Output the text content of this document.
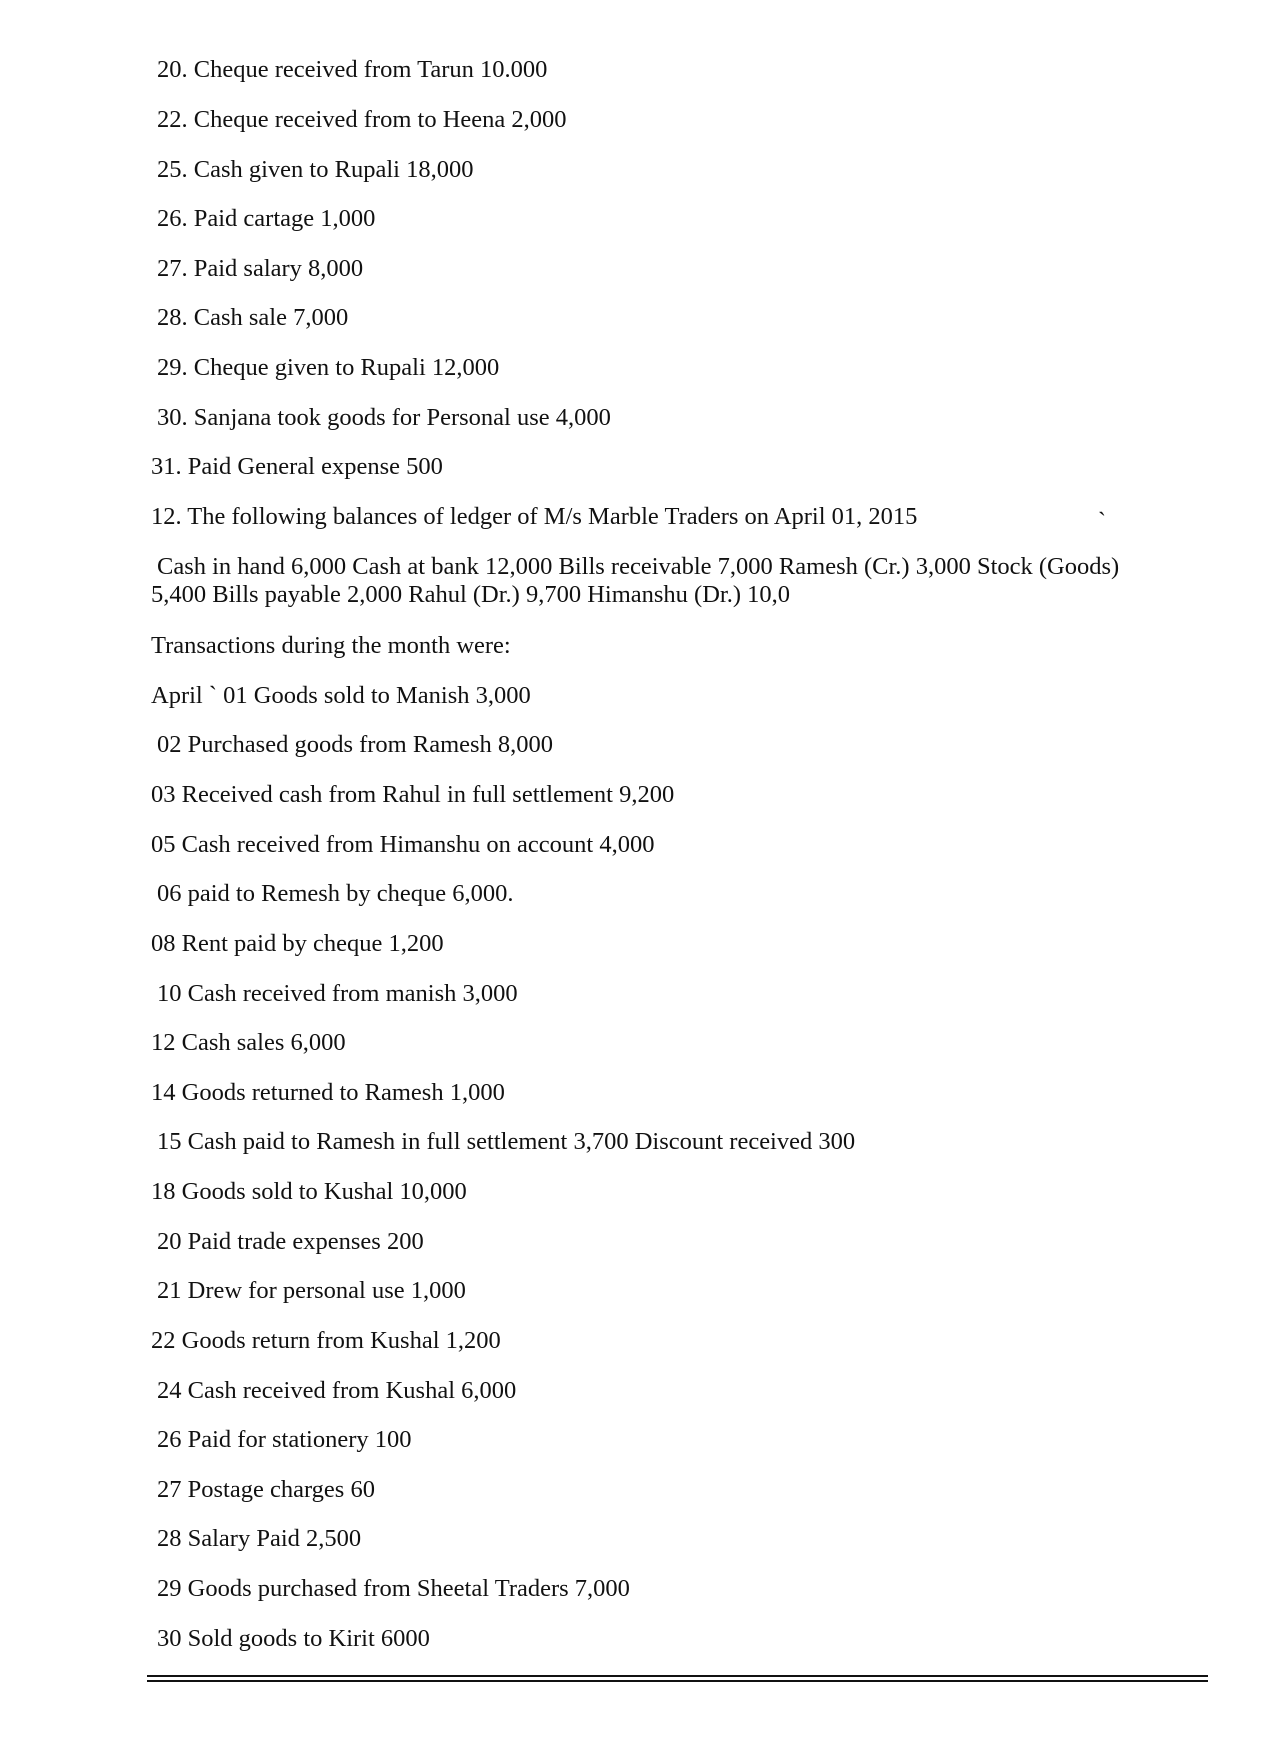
20. Cheque received from Tarun 10.000
22. Cheque received from to Heena 2,000
25. Cash given to Rupali 18,000
26. Paid cartage 1,000
27. Paid salary 8,000
28. Cash sale 7,000
29. Cheque given to Rupali 12,000
30. Sanjana took goods for Personal use 4,000
31. Paid General expense 500
12. The following balances of ledger of M/s Marble Traders on April 01, 2015	`
Cash in hand 6,000 Cash at bank 12,000 Bills receivable 7,000 Ramesh (Cr.) 3,000 Stock (Goods) 5,400 Bills payable 2,000 Rahul (Dr.) 9,700 Himanshu (Dr.) 10,0
Transactions during the month were:
April ` 01 Goods sold to Manish 3,000
02 Purchased goods from Ramesh 8,000
03 Received cash from Rahul in full settlement 9,200
05 Cash received from Himanshu on account 4,000
06 paid to Remesh by cheque 6,000.
08 Rent paid by cheque 1,200
10 Cash received from manish 3,000
12 Cash sales 6,000
14 Goods returned to Ramesh 1,000
15 Cash paid to Ramesh in full settlement 3,700 Discount received 300
18 Goods sold to Kushal 10,000
20 Paid trade expenses 200
21 Drew for personal use 1,000
22 Goods return from Kushal 1,200
24 Cash received from Kushal 6,000
26 Paid for stationery 100
27 Postage charges 60
28 Salary Paid 2,500
29 Goods purchased from Sheetal Traders 7,000
30 Sold goods to Kirit 6000
